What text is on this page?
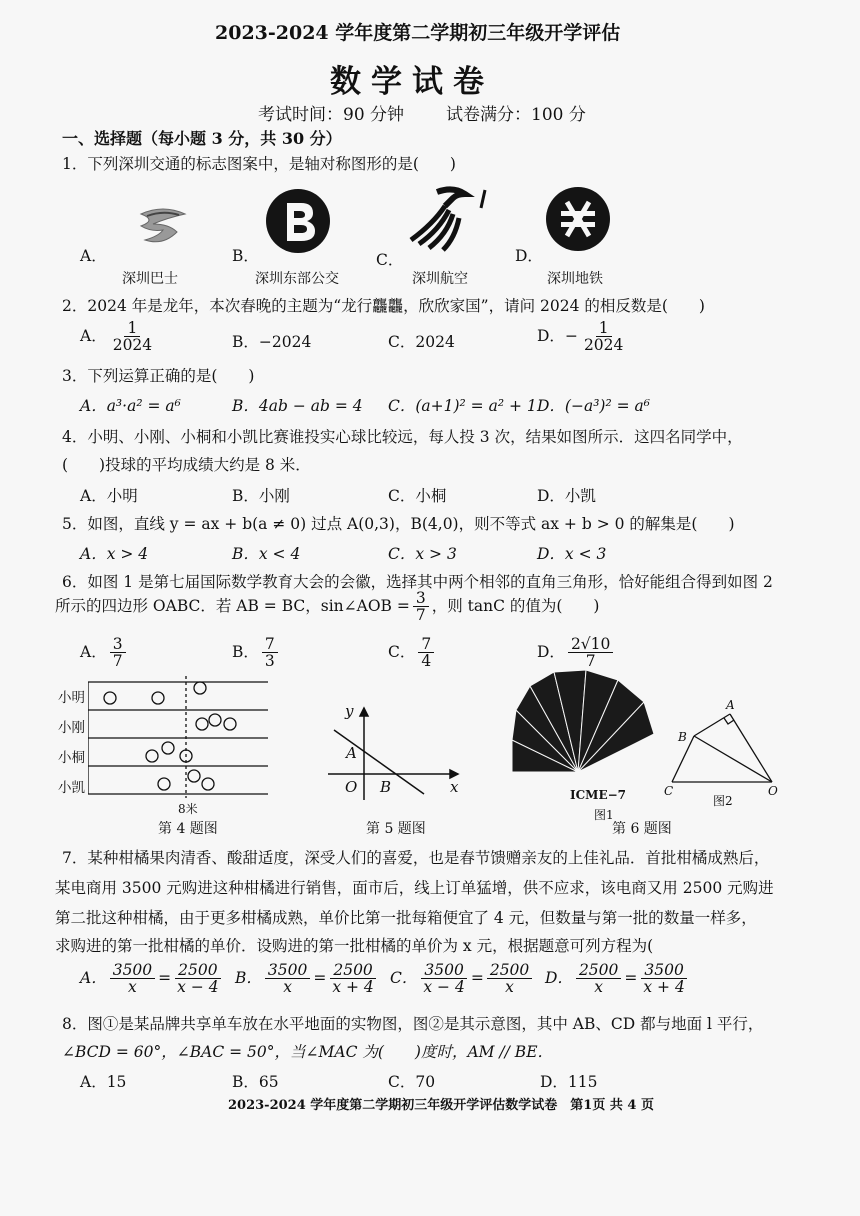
2023-2024 学年度第二学期初三年级开学评估
数学试卷
考试时间：90 分钟 试卷满分：100 分
一、选择题（每小题 3 分，共 30 分）
1．下列深圳交通的标志图案中，是轴对称图形的是(　　)
A．
深圳巴士
B．
深圳东部公交
C．
深圳航空
D．
深圳地铁
2．2024 年是龙年，本次春晚的主题为“龙行龘龘，欣欣家国”，请问 2024 的相反数是(　　)
A． $\frac{1}{2024}$	B．−2024	C．2024	D．− $\frac{1}{2024}$
3．下列运算正确的是(　　)
A．a³·a² = a⁶	B．4ab − ab = 4 C．(a+1)² = a² + 1 D．(−a³)² = a⁶
4．小明、小刚、小桐和小凯比赛谁投实心球比较远，每人投 3 次，结果如图所示．这四名同学中，
(　　)投球的平均成绩大约是 8 米．
A．小明	B．小刚	C．小桐	D．小凯
5．如图，直线 y = ax + b(a ≠ 0) 过点 A(0,3)，B(4,0)，则不等式 ax + b > 0 的解集是(　　)
A．x > 4	B．x < 4	C．x > 3	D．x < 3
6．如图 1 是第七届国际数学教育大会的会徽，选择其中两个相邻的直角三角形，恰好能组合得到如图 2
所示的四边形 OABC．若 AB = BC，sin∠AOB = $\frac{3}{7}$ ，则 tanC 的值为(　　)
A． $\frac{3}{7}$	B． $\frac{7}{3}$	C． $\frac{7}{4}$	D． $\frac{2√10}{7}$
小明
小刚
小桐
小凯
8米
第 4 题图
y
A
O B	x
第 5 题图
ICME−7
图1
A
B
C	O
图2
第 6 题图
7．某种柑橘果肉清香、酸甜适度，深受人们的喜爱，也是春节馈赠亲友的上佳礼品．首批柑橘成熟后，
某电商用 3500 元购进这种柑橘进行销售，面市后，线上订单猛增，供不应求，该电商又用 2500 元购进
第二批这种柑橘，由于更多柑橘成熟，单价比第一批每箱便宜了 4 元，但数量与第一批的数量一样多，
求购进的第一批柑橘的单价．设购进的第一批柑橘的单价为 x 元，根据题意可列方程为(
A． $\frac{3500}{x} = \frac{2500}{x - 4}$ B． $\frac{3500}{x} = \frac{2500}{x + 4}$ C． $\frac{3500}{x - 4} = \frac{2500}{x}$ D． $\frac{2500}{x} = \frac{3500}{x + 4}$
8．图①是某品牌共享单车放在水平地面的实物图，图②是其示意图，其中 AB、CD 都与地面 l 平行，
∠BCD = 60°，∠BAC = 50°，当∠MAC 为(　　)度时，AM // BE．
A．15	B．65	C．70	D．115
2023-2024 学年度第二学期初三年级开学评估数学试卷　第1页 共 4 页
